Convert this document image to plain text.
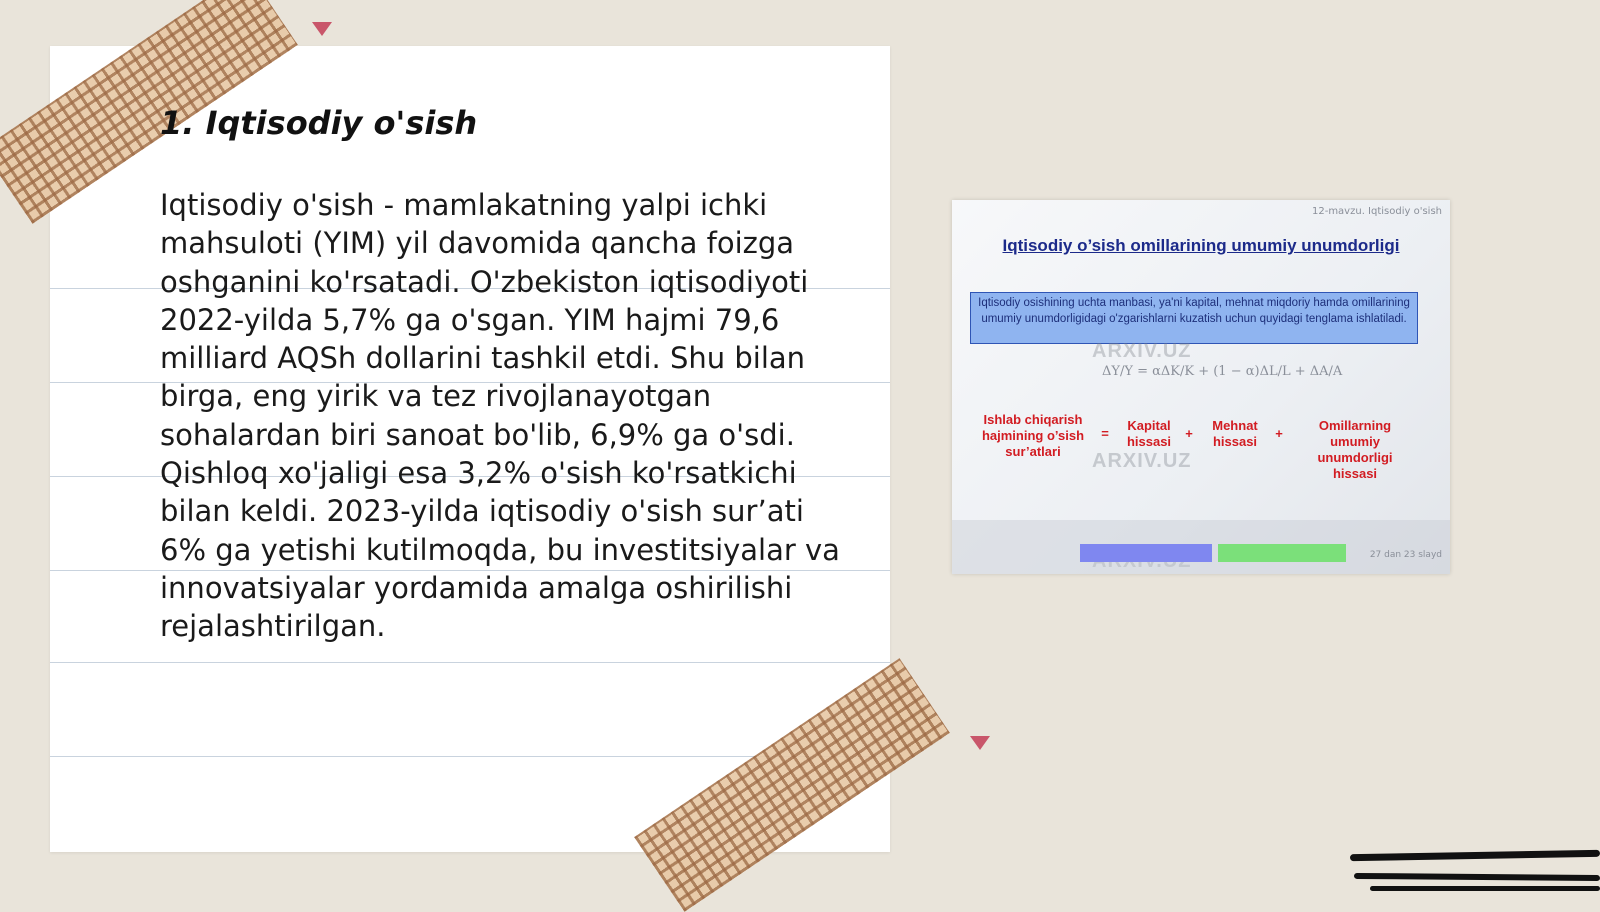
1. Iqtisodiy o'sish

Iqtisodiy o'sish - mamlakatning yalpi ichki mahsuloti (YIM) yil davomida qancha foizga oshganini ko'rsatadi. O'zbekiston iqtisodiyoti 2022-yilda 5,7% ga o'sgan. YIM hajmi 79,6 milliard AQSh dollarini tashkil etdi. Shu bilan birga, eng yirik va tez rivojlanayotgan sohalardan biri sanoat bo'lib, 6,9% ga o'sdi. Qishloq xo'jaligi esa 3,2% o'sish ko'rsatkichi bilan keldi. 2023-yilda iqtisodiy o'sish sur’ati 6% ga yetishi kutilmoqda, bu investitsiyalar va innovatsiyalar yordamida amalga oshirilishi rejalashtirilgan.

12-mavzu. Iqtisodiy o'sish
Iqtisodiy o’sish omillarining umumiy unumdorligi
Iqtisodiy osishining uchta manbasi, ya'ni kapital, mehnat miqdoriy hamda omillarining umumiy unumdorligidagi o'zgarishlarni kuzatish uchun quyidagi tenglama ishlatiladi.
ARXIV.UZ
ARXIV.UZ
ΔY/Y = αΔK/K + (1 − α)ΔL/L + ΔA/A
Ishlab chiqarish hajmining o’sish sur’atlari
=
Kapital hissasi
+
Mehnat hissasi
+
Omillarning umumiy unumdorligi hissasi
27 dan 23 slayd
